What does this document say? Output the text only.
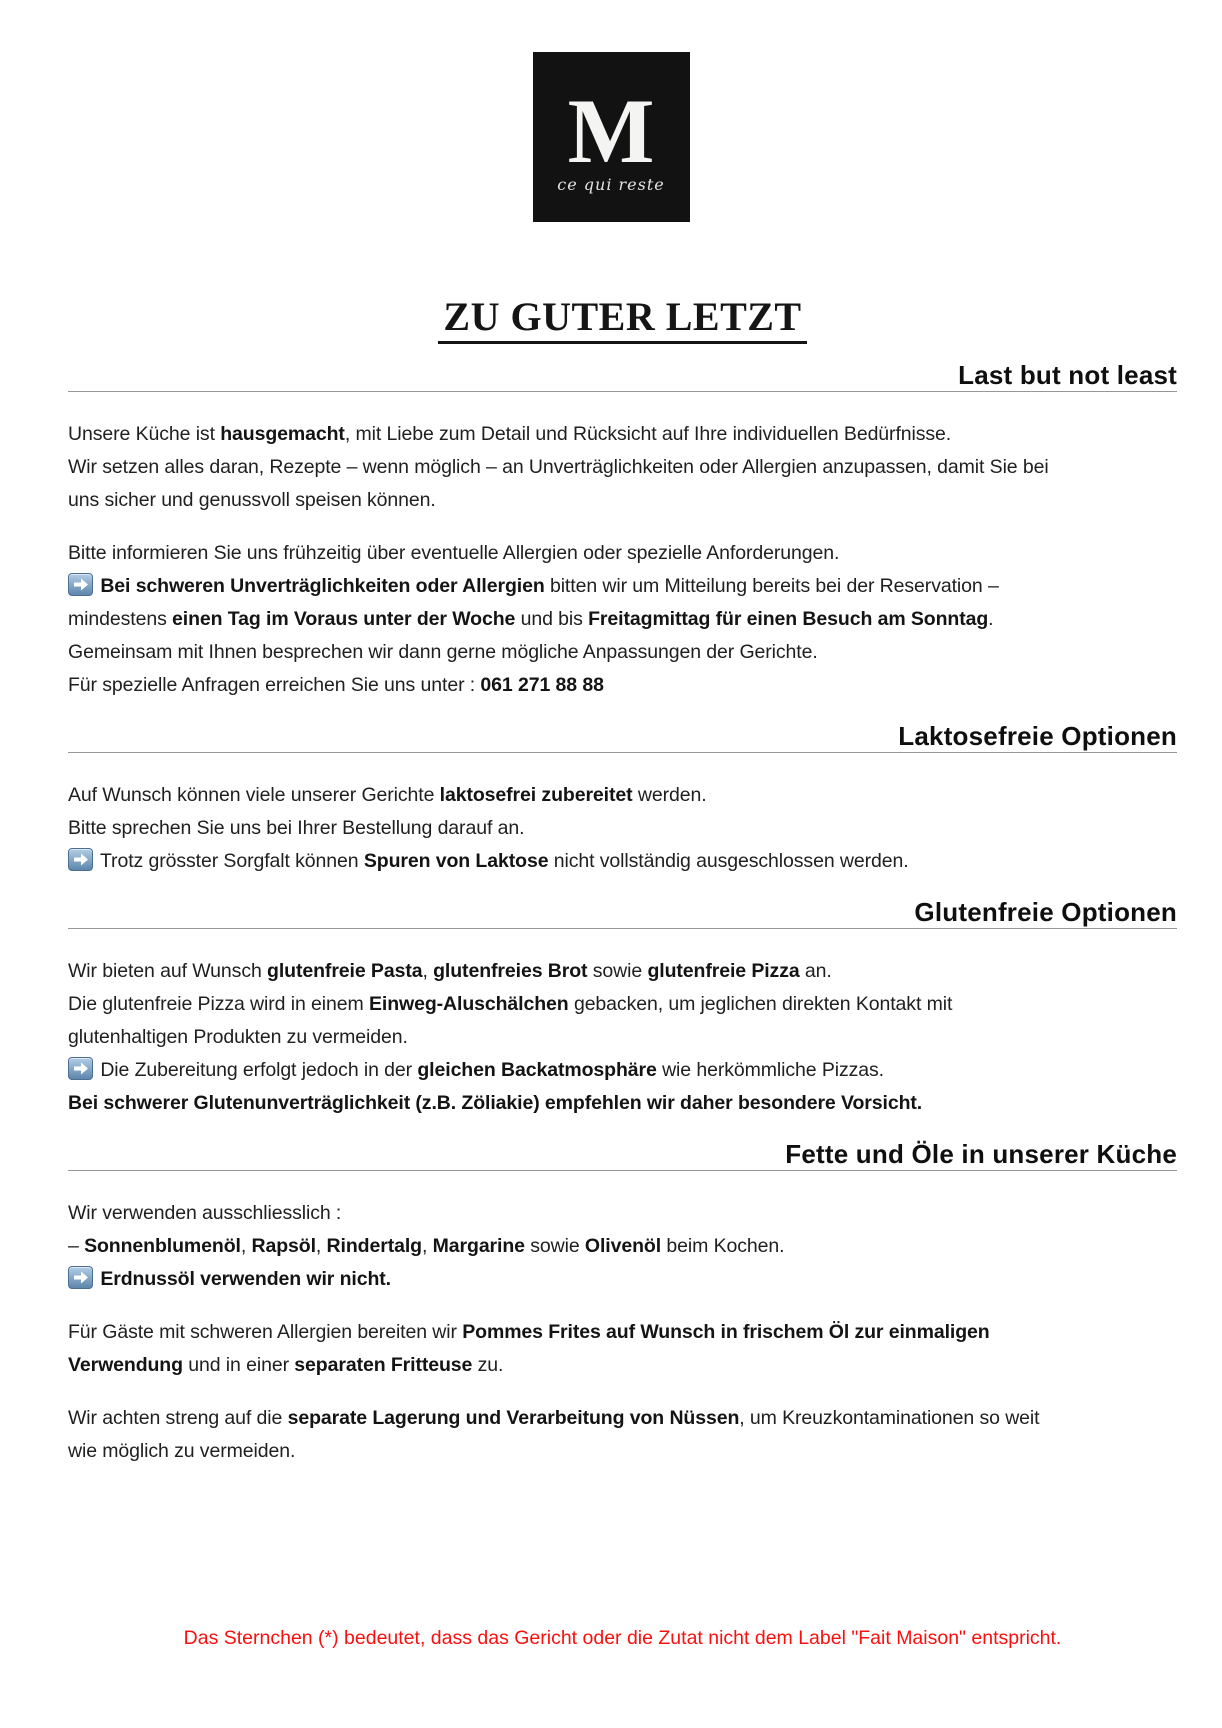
M
ce qui reste
ZU GUTER LETZT
Last but not least
Unsere Küche ist hausgemacht, mit Liebe zum Detail und Rücksicht auf Ihre individuellen Bedürfnisse.
Wir setzen alles daran, Rezepte – wenn möglich – an Unverträglichkeiten oder Allergien anzupassen, damit Sie bei
uns sicher und genussvoll speisen können.
Bitte informieren Sie uns frühzeitig über eventuelle Allergien oder spezielle Anforderungen.
Bei schweren Unverträglichkeiten oder Allergien bitten wir um Mitteilung bereits bei der Reservation –
mindestens einen Tag im Voraus unter der Woche und bis Freitagmittag für einen Besuch am Sonntag.
Gemeinsam mit Ihnen besprechen wir dann gerne mögliche Anpassungen der Gerichte.
Für spezielle Anfragen erreichen Sie uns unter : 061 271 88 88
Laktosefreie Optionen
Auf Wunsch können viele unserer Gerichte laktosefrei zubereitet werden.
Bitte sprechen Sie uns bei Ihrer Bestellung darauf an.
Trotz grösster Sorgfalt können Spuren von Laktose nicht vollständig ausgeschlossen werden.
Glutenfreie Optionen
Wir bieten auf Wunsch glutenfreie Pasta, glutenfreies Brot sowie glutenfreie Pizza an.
Die glutenfreie Pizza wird in einem Einweg-Aluschälchen gebacken, um jeglichen direkten Kontakt mit
glutenhaltigen Produkten zu vermeiden.
Die Zubereitung erfolgt jedoch in der gleichen Backatmosphäre wie herkömmliche Pizzas.
Bei schwerer Glutenunverträglichkeit (z.B. Zöliakie) empfehlen wir daher besondere Vorsicht.
Fette und Öle in unserer Küche
Wir verwenden ausschliesslich :
– Sonnenblumenöl, Rapsöl, Rindertalg, Margarine sowie Olivenöl beim Kochen.
Erdnussöl verwenden wir nicht.
Für Gäste mit schweren Allergien bereiten wir Pommes Frites auf Wunsch in frischem Öl zur einmaligen
Verwendung und in einer separaten Fritteuse zu.
Wir achten streng auf die separate Lagerung und Verarbeitung von Nüssen, um Kreuzkontaminationen so weit
wie möglich zu vermeiden.
Das Sternchen (*) bedeutet, dass das Gericht oder die Zutat nicht dem Label "Fait Maison" entspricht.
